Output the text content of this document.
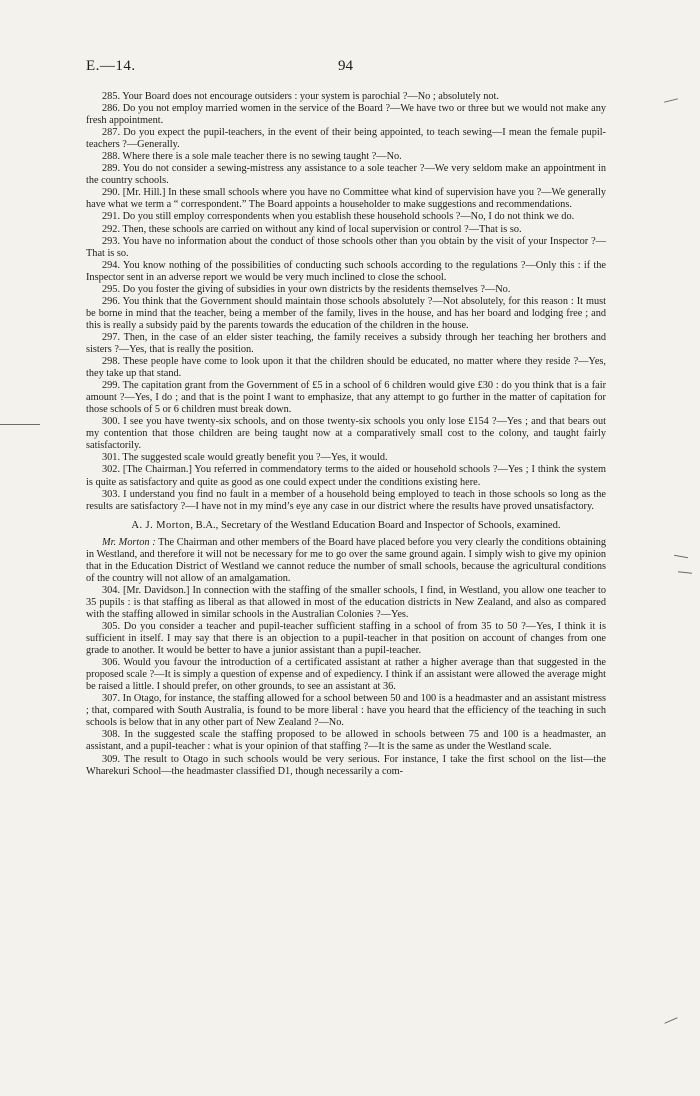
E.—14.	94

285. Your Board does not encourage outsiders : your system is parochial ?—No ; absolutely not.

286. Do you not employ married women in the service of the Board ?—We have two or three but we would not make any fresh appointment.

287. Do you expect the pupil-teachers, in the event of their being appointed, to teach sewing—I mean the female pupil-teachers ?—Generally.

288. Where there is a sole male teacher there is no sewing taught ?—No.

289. You do not consider a sewing-mistress any assistance to a sole teacher ?—We very seldom make an appointment in the country schools.

290. [Mr. Hill.] In these small schools where you have no Committee what kind of supervision have you ?—We generally have what we term a “ correspondent.” The Board appoints a householder to make suggestions and recommendations.

291. Do you still employ correspondents when you establish these household schools ?—No, I do not think we do.

292. Then, these schools are carried on without any kind of local supervision or control ?—That is so.

293. You have no information about the conduct of those schools other than you obtain by the visit of your Inspector ?—That is so.

294. You know nothing of the possibilities of conducting such schools according to the regulations ?—Only this : if the Inspector sent in an adverse report we would be very much inclined to close the school.

295. Do you foster the giving of subsidies in your own districts by the residents themselves ?—No.

296. You think that the Government should maintain those schools absolutely ?—Not absolutely, for this reason : It must be borne in mind that the teacher, being a member of the family, lives in the house, and has her board and lodging free ; and this is really a subsidy paid by the parents towards the education of the children in the house.

297. Then, in the case of an elder sister teaching, the family receives a subsidy through her teaching her brothers and sisters ?—Yes, that is really the position.

298. These people have come to look upon it that the children should be educated, no matter where they reside ?—Yes, they take up that stand.

299. The capitation grant from the Government of £5 in a school of 6 children would give £30 : do you think that is a fair amount ?—Yes, I do ; and that is the point I want to emphasize, that any attempt to go further in the matter of capitation for those schools of 5 or 6 children must break down.

300. I see you have twenty-six schools, and on those twenty-six schools you only lose £154 ?—Yes ; and that bears out my contention that those children are being taught now at a comparatively small cost to the colony, and taught fairly satisfactorily.

301. The suggested scale would greatly benefit you ?—Yes, it would.

302. [The Chairman.] You referred in commendatory terms to the aided or household schools ?—Yes ; I think the system is quite as satisfactory and quite as good as one could expect under the conditions existing here.

303. I understand you find no fault in a member of a household being employed to teach in those schools so long as the results are satisfactory ?—I have not in my mind’s eye any case in our district where the results have proved unsatisfactory.

A. J. Morton, B.A., Secretary of the Westland Education Board and Inspector of Schools, examined.

Mr. Morton : The Chairman and other members of the Board have placed before you very clearly the conditions obtaining in Westland, and therefore it will not be necessary for me to go over the same ground again. I simply wish to give my opinion that in the Education District of Westland we cannot reduce the number of small schools, because the agricultural conditions of the country will not allow of an amalgamation.

304. [Mr. Davidson.] In connection with the staffing of the smaller schools, I find, in Westland, you allow one teacher to 35 pupils : is that staffing as liberal as that allowed in most of the education districts in New Zealand, and also as compared with the staffing allowed in similar schools in the Australian Colonies ?—Yes.

305. Do you consider a teacher and pupil-teacher sufficient staffing in a school of from 35 to 50 ?—Yes, I think it is sufficient in itself. I may say that there is an objection to a pupil-teacher in that position on account of changes from one grade to another. It would be better to have a junior assistant than a pupil-teacher.

306. Would you favour the introduction of a certificated assistant at rather a higher average than that suggested in the proposed scale ?—It is simply a question of expense and of expediency. I think if an assistant were allowed the average might be raised a little. I should prefer, on other grounds, to see an assistant at 36.

307. In Otago, for instance, the staffing allowed for a school between 50 and 100 is a headmaster and an assistant mistress ; that, compared with South Australia, is found to be more liberal : have you heard that the efficiency of the teaching in such schools is below that in any other part of New Zealand ?—No.

308. In the suggested scale the staffing proposed to be allowed in schools between 75 and 100 is a headmaster, an assistant, and a pupil-teacher : what is your opinion of that staffing ?—It is the same as under the Westland scale.

309. The result to Otago in such schools would be very serious. For instance, I take the first school on the list—the Wharekuri School—the headmaster classified D1, though necessarily a com-
